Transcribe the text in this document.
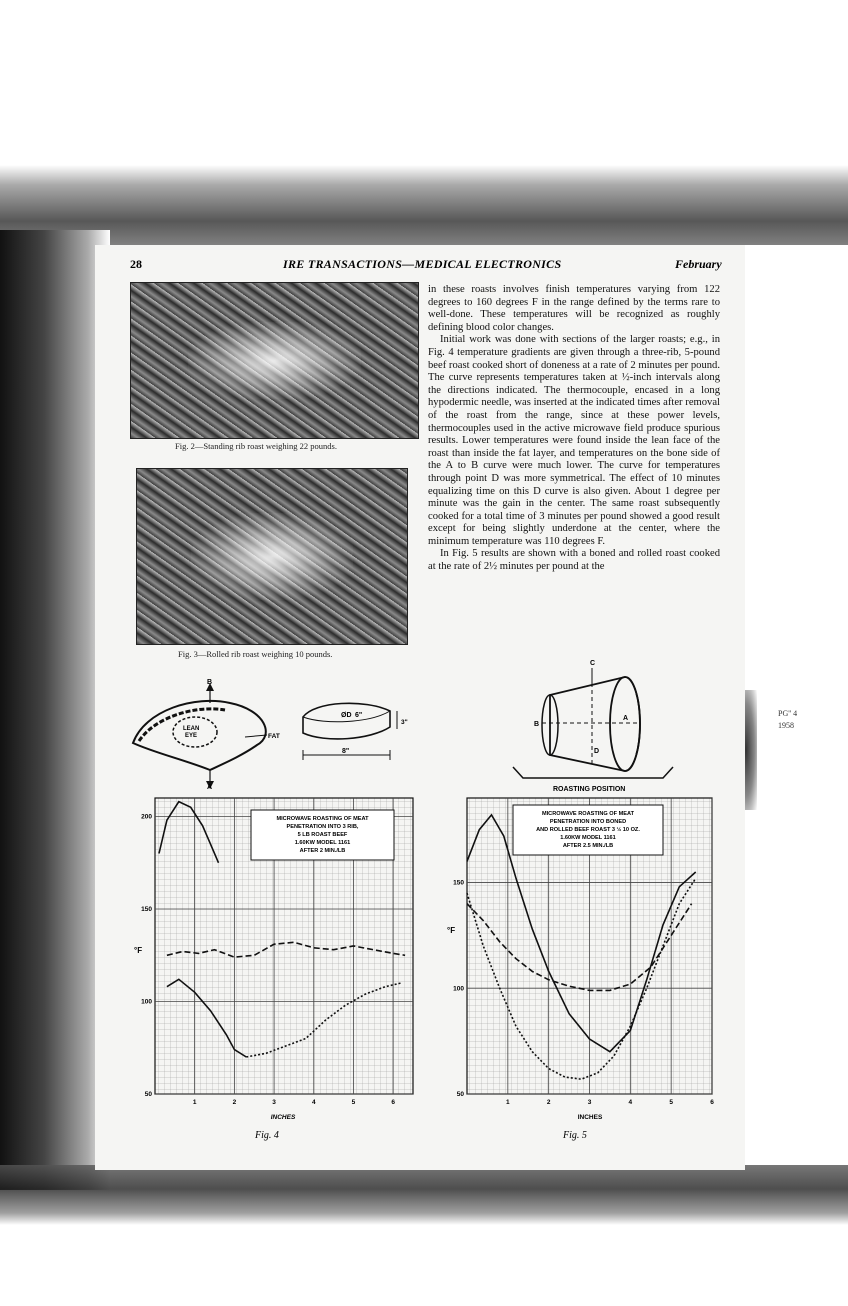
28	IRE TRANSACTIONS—MEDICAL ELECTRONICS	February
Fig. 2—Standing rib roast weighing 22 pounds.
Fig. 3—Rolled rib roast weighing 10 pounds.

in these roasts involves finish temperatures varying from 122 degrees to 160 degrees F in the range defined by the terms rare to well-done. These temperatures will be recognized as roughly defining blood color changes.

Initial work was done with sections of the larger roasts; e.g., in Fig. 4 temperature gradients are given through a three-rib, 5-pound beef roast cooked short of doneness at a rate of 2 minutes per pound. The curve represents temperatures taken at ½-inch intervals along the directions indicated. The thermocouple, encased in a long hypodermic needle, was inserted at the indicated times after removal of the roast from the range, since at these power levels, thermocouples used in the active microwave field produce spurious results. Lower temperatures were found inside the lean face of the roast than inside the fat layer, and temperatures on the bone side of the A to B curve were much lower. The curve for temperatures through point D was more symmetrical. The effect of 10 minutes equalizing time on this D curve is also given. About 1 degree per minute was the gain in the center. The same roast subsequently cooked for a total time of 3 minutes per pound showed a good result except for being slightly underdone at the center, where the minimum temperature was 110 degrees F.

In Fig. 5 results are shown with a boned and rolled roast cooked at the rate of 2½ minutes per pound at the

B
LEAN
EYE
A
FAT
ØD 6"
3"
8"
C
B
A
D
ROASTING POSITION
MICROWAVE ROASTING OF MEAT
PENETRATION INTO 3 RIB,
5 LB ROAST BEEF
1.60KW MODEL 1161
AFTER 2 MIN./LB
1	2	3	4	5	6
50
100
150
200
°F
INCHES
Fig. 4
MICROWAVE ROASTING OF MEAT
PENETRATION INTO BONED
AND ROLLED BEEF ROAST 3 ½ 10 OZ.
1.60KW MODEL 1161
AFTER 2.5 MIN./LB
1	2	3	4	5	6
50
100
150
°F
INCHES
Fig. 5
PG'' 4
1958
